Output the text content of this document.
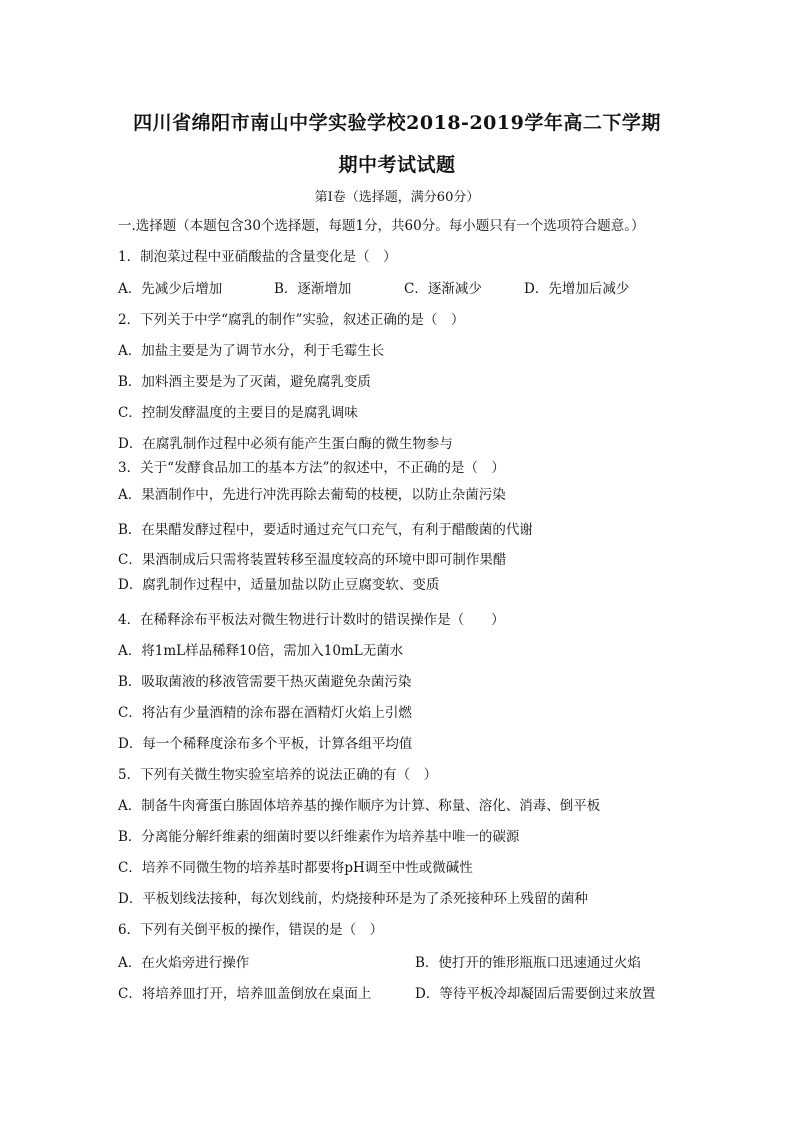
四川省绵阳市南山中学实验学校2018-2019学年高二下学期
期中考试试题
第I卷（选择题，满分60分）
一.选择题（本题包含30个选择题，每题1分，共60分。每小题只有一个选项符合题意。）
1．制泡菜过程中亚硝酸盐的含量变化是（　）
A．先减少后增加	B．逐渐增加	C．逐渐减少	D．先增加后减少
2．下列关于中学“腐乳的制作”实验，叙述正确的是（　）
A．加盐主要是为了调节水分，利于毛霉生长
B．加料酒主要是为了灭菌，避免腐乳变质
C．控制发酵温度的主要目的是腐乳调味
D．在腐乳制作过程中必须有能产生蛋白酶的微生物参与
3．关于“发酵食品加工的基本方法”的叙述中，不正确的是（　）
A．果酒制作中，先进行冲洗再除去葡萄的枝梗，以防止杂菌污染
B．在果醋发酵过程中，要适时通过充气口充气，有利于醋酸菌的代谢
C．果酒制成后只需将装置转移至温度较高的环境中即可制作果醋
D．腐乳制作过程中，适量加盐以防止豆腐变软、变质
4．在稀释涂布平板法对微生物进行计数时的错误操作是（　　）
A．将1mL样品稀释10倍，需加入10mL无菌水
B．吸取菌液的移液管需要干热灭菌避免杂菌污染
C．将沾有少量酒精的涂布器在酒精灯火焰上引燃
D．每一个稀释度涂布多个平板，计算各组平均值
5．下列有关微生物实验室培养的说法正确的有（　）
A．制备牛肉膏蛋白胨固体培养基的操作顺序为计算、称量、溶化、消毒、倒平板
B．分离能分解纤维素的细菌时要以纤维素作为培养基中唯一的碳源
C．培养不同微生物的培养基时都要将pH调至中性或微碱性
D．平板划线法接种，每次划线前，灼烧接种环是为了杀死接种环上残留的菌种
6．下列有关倒平板的操作，错误的是（　）
A．在火焰旁进行操作	B．使打开的锥形瓶瓶口迅速通过火焰
C．将培养皿打开，培养皿盖倒放在桌面上	D．等待平板冷却凝固后需要倒过来放置
